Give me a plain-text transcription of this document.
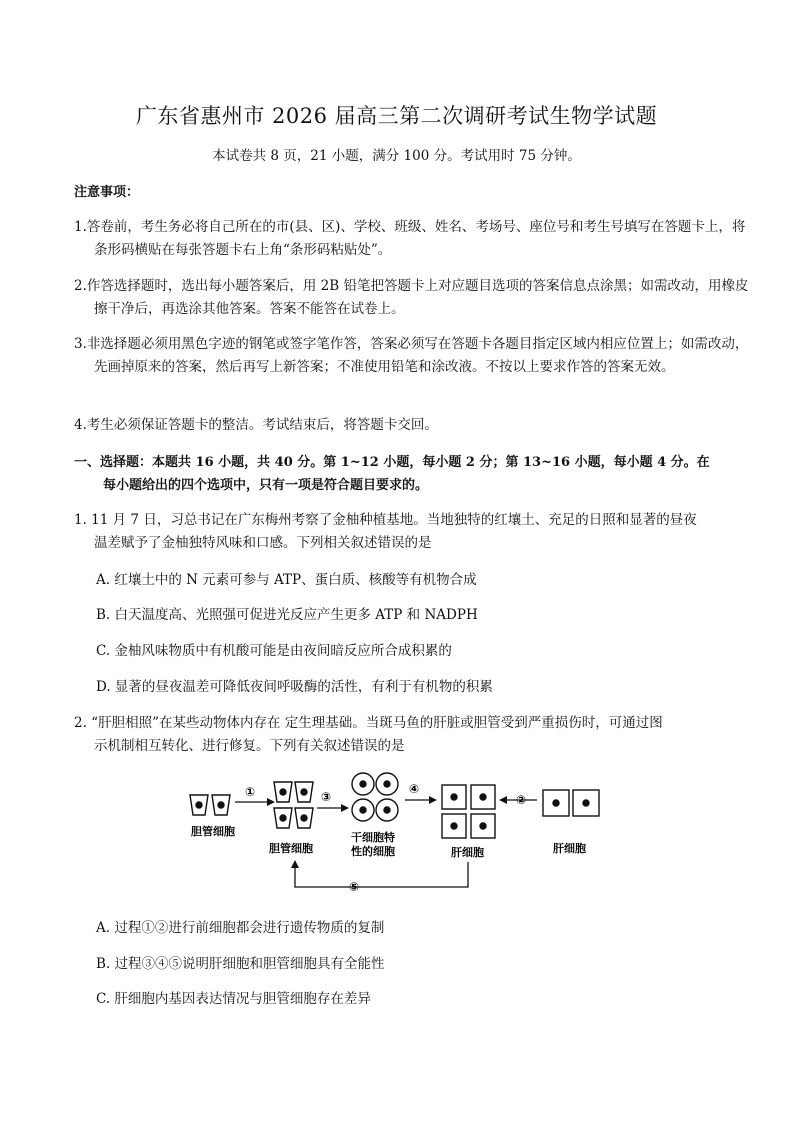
广东省惠州市 2026 届高三第二次调研考试生物学试题
本试卷共 8 页，21 小题，满分 100 分。考试用时 75 分钟。
注意事项：
1.答卷前，考生务必将自己所在的市(县、区)、学校、班级、姓名、考场号、座位号和考生号填写在答题卡上，将条形码横贴在每张答题卡右上角“条形码粘贴处”。
2.作答选择题时，选出每小题答案后，用 2B 铅笔把答题卡上对应题目选项的答案信息点涂黑；如需改动，用橡皮擦干净后，再选涂其他答案。答案不能答在试卷上。
3.非选择题必须用黑色字迹的钢笔或签字笔作答，答案必须写在答题卡各题目指定区域内相应位置上；如需改动，先画掉原来的答案，然后再写上新答案；不准使用铅笔和涂改液。不按以上要求作答的答案无效。
4.考生必须保证答题卡的整洁。考试结束后，将答题卡交回。
一、选择题：本题共 16 小题，共 40 分。第 1~12 小题，每小题 2 分；第 13~16 小题，每小题 4 分。在
每小题给出的四个选项中，只有一项是符合题目要求的。
1. 11 月 7 日，习总书记在广东梅州考察了金柚种植基地。当地独特的红壤土、充足的日照和显著的昼夜
温差赋予了金柚独特风味和口感。下列相关叙述错误的是
A. 红壤土中的 N 元素可参与 ATP、蛋白质、核酸等有机物合成
B. 白天温度高、光照强可促进光反应产生更多 ATP 和 NADPH
C. 金柚风味物质中有机酸可能是由夜间暗反应所合成积累的
D. 显著的昼夜温差可降低夜间呼吸酶的活性，有利于有机物的积累
2. “肝胆相照”在某些动物体内存在 定生理基础。当斑马鱼的肝脏或胆管受到严重损伤时，可通过图
示机制相互转化、进行修复。下列有关叙述错误的是
胆管细胞
①
胆管细胞
③
干细胞特
性的细胞
④
肝细胞
②
肝细胞
⑤
A. 过程①②进行前细胞都会进行遗传物质的复制
B. 过程③④⑤说明肝细胞和胆管细胞具有全能性
C. 肝细胞内基因表达情况与胆管细胞存在差异
